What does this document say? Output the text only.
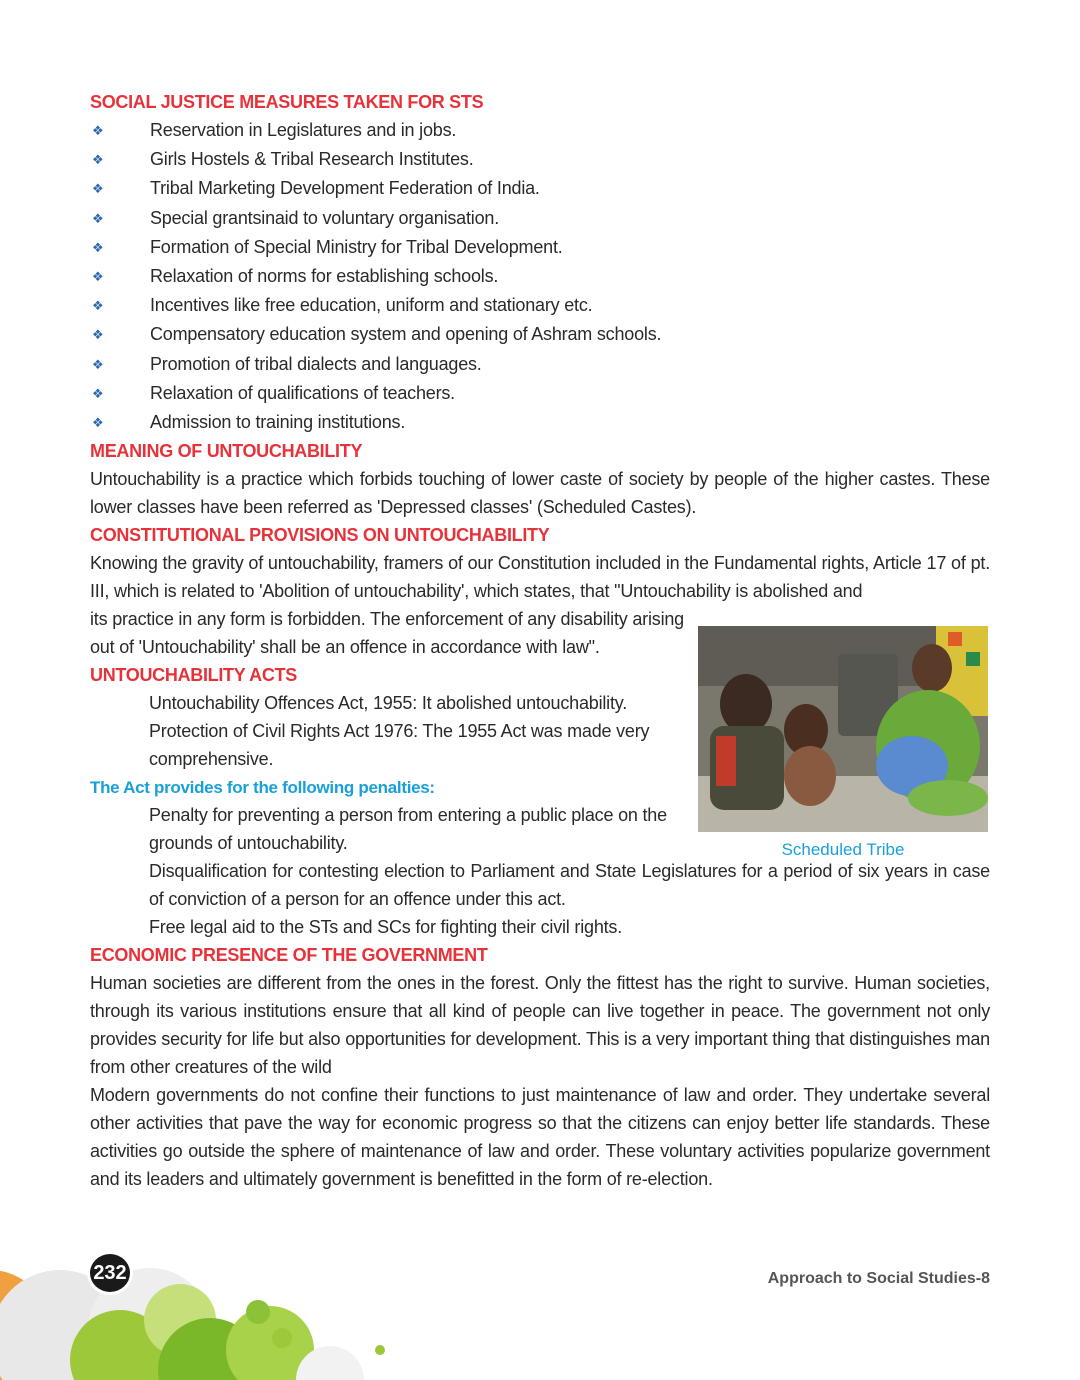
SOCIAL JUSTICE MEASURES TAKEN FOR STS
❖	Reservation in Legislatures and in jobs.
❖	Girls Hostels & Tribal Research Institutes.
❖	Tribal Marketing Development Federation of India.
❖	Special grantsinaid to voluntary organisation.
❖	Formation of Special Ministry for Tribal Development.
❖	Relaxation of norms for establishing schools.
❖	Incentives like free education, uniform and stationary etc.
❖	Compensatory education system and opening of Ashram schools.
❖	Promotion of tribal dialects and languages.
❖	Relaxation of qualifications of teachers.
❖	Admission to training institutions.
MEANING OF UNTOUCHABILITY

Untouchability is a practice which forbids touching of lower caste of society by people of the higher castes. These lower classes have been referred as 'Depressed classes' (Scheduled Castes).

CONSTITUTIONAL PROVISIONS ON UNTOUCHABILITY

Knowing the gravity of untouchability, framers of our Constitution included in the Fundamental rights, Article 17 of pt. III, which is related to 'Abolition of untouchability', which states, that "Untouchability is abolished and

its practice in any form is forbidden. The enforcement of any disability arising out of 'Untouchability' shall be an offence in accordance with law".

UNTOUCHABILITY ACTS

Untouchability Offences Act, 1955: It abolished untouchability.

Protection of Civil Rights Act 1976: The 1955 Act was made very comprehensive.

The Act provides for the following penalties:

Penalty for preventing a person from entering a public place on the grounds of untouchability.

Disqualification for contesting election to Parliament and State Legislatures for a period of six years in case of conviction of a person for an offence under this act.

Free legal aid to the STs and SCs for fighting their civil rights.

ECONOMIC PRESENCE OF THE GOVERNMENT

Human societies are different from the ones in the forest. Only the fittest has the right to survive. Human societies, through its various institutions ensure that all kind of people can live together in peace. The government not only provides security for life but also opportunities for development. This is a very important thing that distinguishes man from other creatures of the wild

Modern governments do not confine their functions to just maintenance of law and order. They undertake several other activities that pave the way for economic progress so that the citizens can enjoy better life standards. These activities go outside the sphere of maintenance of law and order. These voluntary activities popularize government and its leaders and ultimately government is benefitted in the form of re-election.

Scheduled Tribe
232	Approach to Social Studies-8
